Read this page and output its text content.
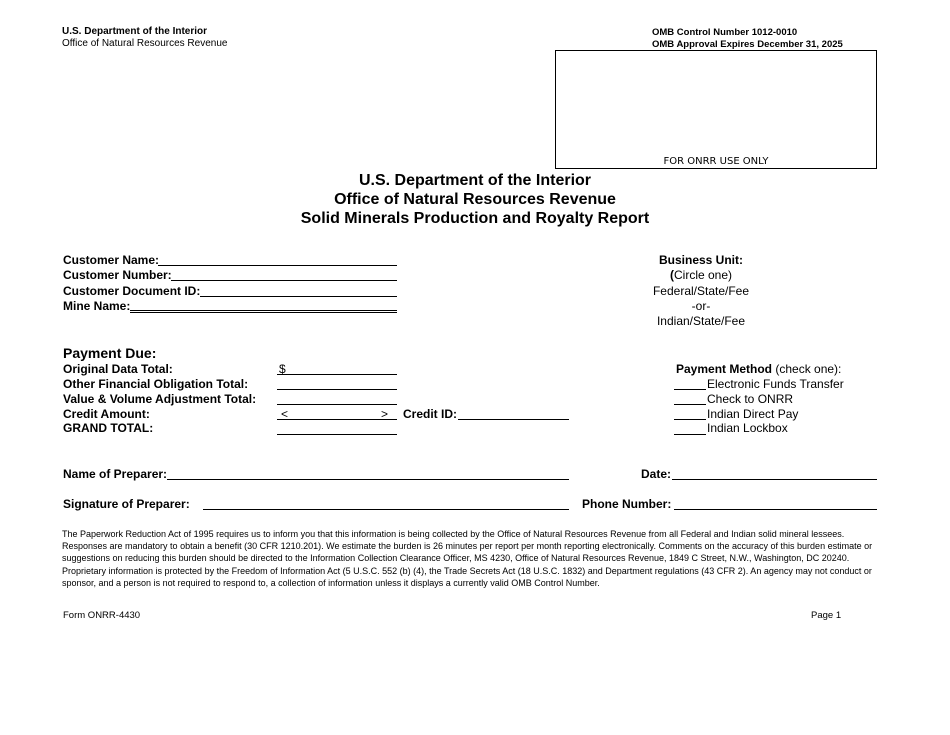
U.S. Department of the Interior
Office of Natural Resources Revenue
OMB Control Number 1012-0010
OMB Approval Expires December 31, 2025
FOR ONRR USE ONLY
U.S. Department of the Interior
Office of Natural Resources Revenue
Solid Minerals Production and Royalty Report
Customer Name:
Customer Number:
Customer Document ID:
Mine Name:
Business Unit:
(Circle one)
Federal/State/Fee
-or-
Indian/State/Fee
Payment Due:
Original Data Total:	$
Other Financial Obligation Total:
Value & Volume Adjustment Total:
Credit Amount:	<	> Credit ID:
GRAND TOTAL:
Payment Method (check one):
Electronic Funds Transfer
Check to ONRR
Indian Direct Pay
Indian Lockbox
Name of Preparer:	Date:
Signature of Preparer:	Phone Number:
The Paperwork Reduction Act of 1995 requires us to inform you that this information is being collected by the Office of Natural Resources Revenue from all Federal and Indian solid mineral lessees. Responses are mandatory to obtain a benefit (30 CFR 1210.201). We estimate the burden is 26 minutes per report per month reporting electronically. Comments on the accuracy of this burden estimate or suggestions on reducing this burden should be directed to the Information Collection Clearance Officer, MS 4230, Office of Natural Resources Revenue, 1849 C Street, N.W., Washington, DC 20240. Proprietary information is protected by the Freedom of Information Act (5 U.S.C. 552 (b) (4), the Trade Secrets Act (18 U.S.C. 1832) and Department regulations (43 CFR 2). An agency may not conduct or sponsor, and a person is not required to respond to, a collection of information unless it displays a currently valid OMB Control Number.
Form ONRR-4430	Page 1
